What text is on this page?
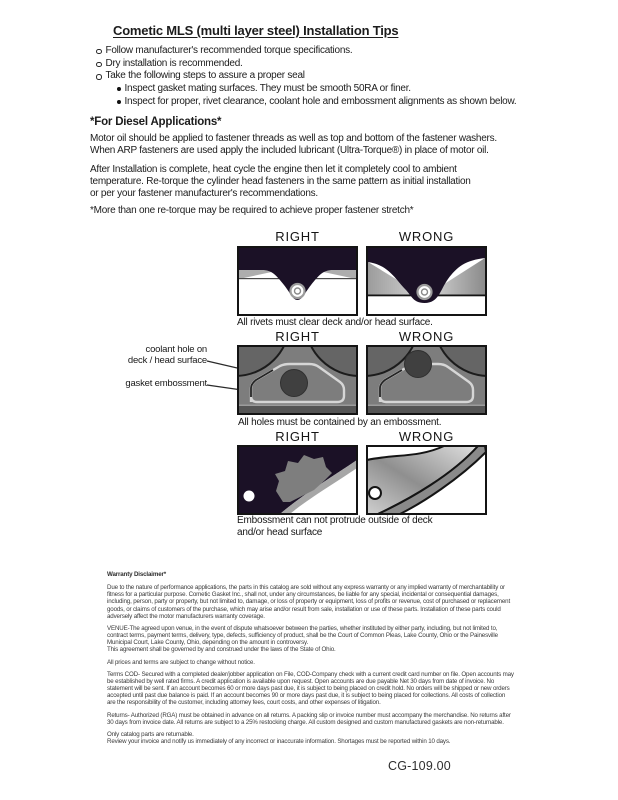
Cometic MLS (multi layer steel) Installation Tips
Follow manufacturer's recommended torque specifications.
Dry installation is recommended.
Take the following steps to assure a proper seal
Inspect gasket mating surfaces. They must be smooth 50RA or finer.
Inspect for proper, rivet clearance, coolant hole and embossment alignments as shown below.
*For Diesel Applications*
Motor oil should be applied to fastener threads as well as top and bottom of the fastener washers.
When ARP fasteners are used apply the included lubricant (Ultra-Torque®) in place of motor oil.
After Installation is complete, heat cycle the engine then let it completely cool to ambient
temperature. Re-torque the cylinder head fasteners in the same pattern as initial installation
or per your fastener manufacturer's recommendations.
*More than one re-torque may be required to achieve proper fastener stretch*
RIGHT	WRONG
All rivets must clear deck and/or head surface.
coolant hole on
deck / head surface
gasket embossment
RIGHT	WRONG
All holes must be contained by an embossment.
RIGHT	WRONG
Embossment can not protrude outside of deck
and/or head surface

Warranty Disclaimer*

Due to the nature of performance applications, the parts in this catalog are sold without any express warranty or any implied warranty of merchantability or fitness for a particular purpose. Cometic Gasket Inc., shall not, under any circumstances, be liable for any special, incidental or consequential damages, including, person, party or property, but not limited to, damage, or loss of property or equipment, loss of profits or revenue, cost of purchased or replacement goods, or claims of customers of the purchase, which may arise and/or result from sale, installation or use of these parts. Installation of these parts could adversely affect the motor manufacturers warranty coverage.

VENUE-The agreed upon venue, in the event of dispute whatsoever between the parties, whether instituted by either party, including, but not limited to, contract terms, payment terms, delivery, type, defects, sufficiency of product, shall be the Court of Common Pleas, Lake County, Ohio or the Painesville Municipal Court, Lake County, Ohio, depending on the amount in controversy.

This agreement shall be governed by and construed under the laws of the State of Ohio.

All prices and terms are subject to change without notice.

Terms COD- Secured with a completed dealer/jobber application on File, COD-Company check with a current credit card number on file. Open accounts may be established by well rated firms. A credit application is available upon request. Open accounts are due payable Net 30 days from date of invoice. No statement will be sent. If an account becomes 60 or more days past due, it is subject to being placed on credit hold. No orders will be shipped or new orders accepted until past due balance is paid. If an account becomes 90 or more days past due, it is subject to being placed for collections. All costs of collection are the responsibility of the customer, including attorney fees, court costs, and other expenses of litigation.

Returns- Authorized (RGA) must be obtained in advance on all returns. A packing slip or invoice number must accompany the merchandise. No returns after 30 days from invoice date. All returns are subject to a 25% restocking charge. All custom designed and custom manufactured gaskets are non-returnable.

Only catalog parts are returnable.

Review your invoice and notify us immediately of any incorrect or inaccurate information. Shortages must be reported within 10 days.

CG-109.00
